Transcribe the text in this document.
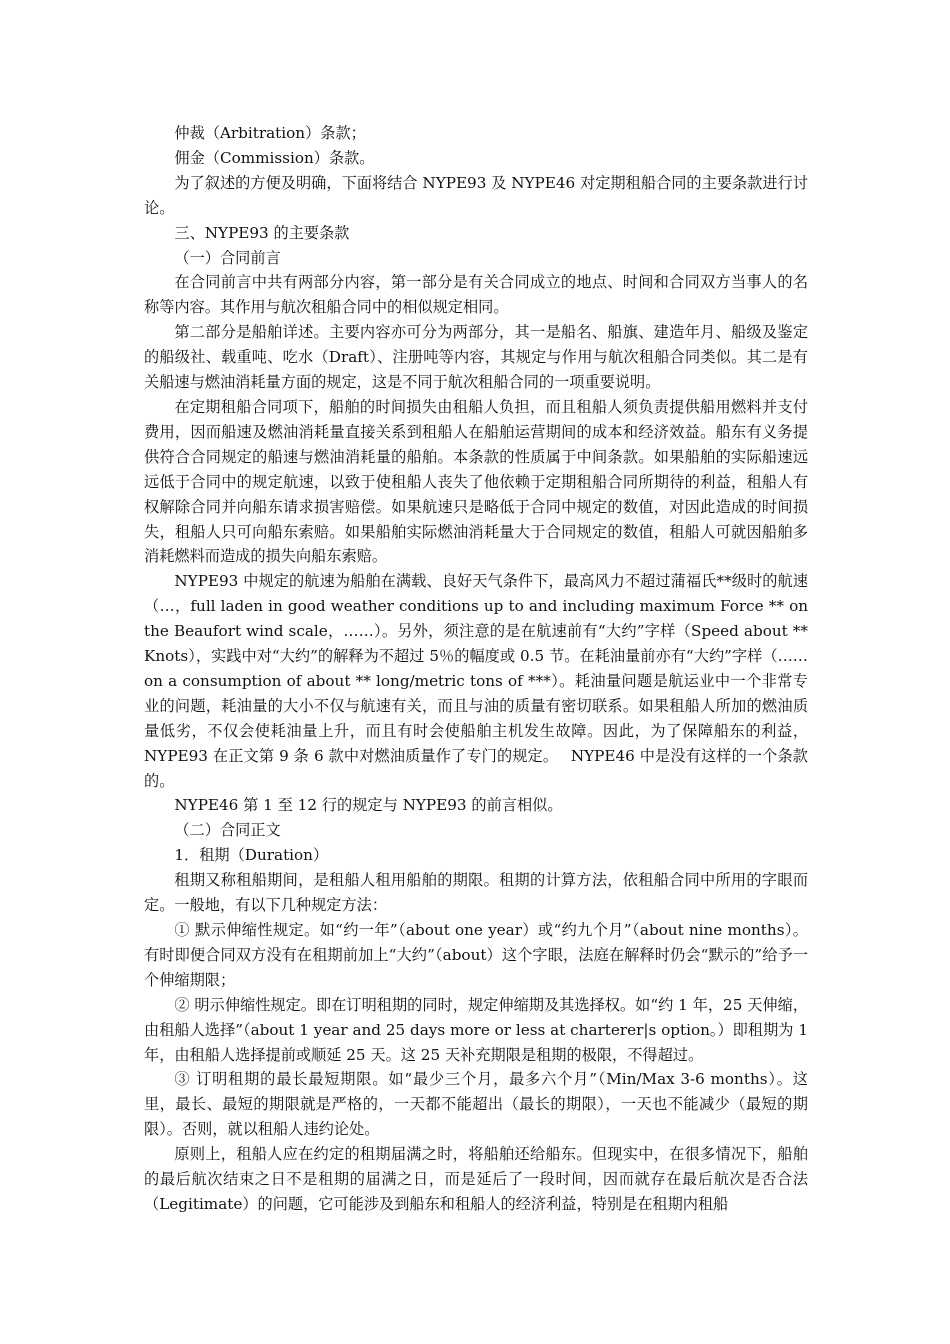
仲裁（Arbitration）条款；

佣金（Commission）条款。

为了叙述的方便及明确，下面将结合 NYPE93 及 NYPE46 对定期租船合同的主要条款进行讨论。

三、NYPE93 的主要条款

（一）合同前言

在合同前言中共有两部分内容，第一部分是有关合同成立的地点、时间和合同双方当事人的名称等内容。其作用与航次租船合同中的相似规定相同。

第二部分是船舶详述。主要内容亦可分为两部分，其一是船名、船旗、建造年月、船级及鉴定的船级社、载重吨、吃水（Draft）、注册吨等内容，其规定与作用与航次租船合同类似。其二是有关船速与燃油消耗量方面的规定，这是不同于航次租船合同的一项重要说明。

在定期租船合同项下，船舶的时间损失由租船人负担，而且租船人须负责提供船用燃料并支付费用，因而船速及燃油消耗量直接关系到租船人在船舶运营期间的成本和经济效益。船东有义务提供符合合同规定的船速与燃油消耗量的船舶。本条款的性质属于中间条款。如果船舶的实际船速远远低于合同中的规定航速，以致于使租船人丧失了他依赖于定期租船合同所期待的利益，租船人有权解除合同并向船东请求损害赔偿。如果航速只是略低于合同中规定的数值，对因此造成的时间损失，租船人只可向船东索赔。如果船舶实际燃油消耗量大于合同规定的数值，租船人可就因船舶多消耗燃料而造成的损失向船东索赔。

NYPE93 中规定的航速为船舶在满载、良好天气条件下，最高风力不超过蒲福氏**级时的航速（…，full laden in good weather conditions up to and including maximum Force ** on the Beaufort wind scale，……）。另外，须注意的是在航速前有“大约”字样（Speed about ** Knots），实践中对“大约”的解释为不超过 5％的幅度或 0.5 节。在耗油量前亦有“大约”字样（……on a consumption of about ** long/metric tons of ***）。耗油量问题是航运业中一个非常专业的问题，耗油量的大小不仅与航速有关，而且与油的质量有密切联系。如果租船人所加的燃油质量低劣，不仅会使耗油量上升，而且有时会使船舶主机发生故障。因此，为了保障船东的利益，NYPE93 在正文第 9 条 6 款中对燃油质量作了专门的规定。　 NYPE46 中是没有这样的一个条款的。

NYPE46 第 1 至 12 行的规定与 NYPE93 的前言相似。

（二）合同正文

1．租期（Duration）

租期又称租船期间，是租船人租用船舶的期限。租期的计算方法，依租船合同中所用的字眼而定。一般地，有以下几种规定方法：

① 默示伸缩性规定。如“约一年”（about one year）或“约九个月”（about nine months）。有时即便合同双方没有在租期前加上“大约”（about）这个字眼，法庭在解释时仍会“默示的”给予一个伸缩期限；

② 明示伸缩性规定。即在订明租期的同时，规定伸缩期及其选择权。如“约 1 年，25 天伸缩，由租船人选择”（about 1 year and 25 days more or less at charterer|s option。）即租期为 1 年，由租船人选择提前或顺延 25 天。这 25 天补充期限是租期的极限，不得超过。

③ 订明租期的最长最短期限。如“最少三个月，最多六个月”（Min/Max 3-6 months）。这里，最长、最短的期限就是严格的，一天都不能超出（最长的期限），一天也不能减少（最短的期限）。否则，就以租船人违约论处。

原则上，租船人应在约定的租期届满之时，将船舶还给船东。但现实中，在很多情况下，船舶的最后航次结束之日不是租期的届满之日，而是延后了一段时间，因而就存在最后航次是否合法（Legitimate）的问题，它可能涉及到船东和租船人的经济利益，特别是在租期内租船
